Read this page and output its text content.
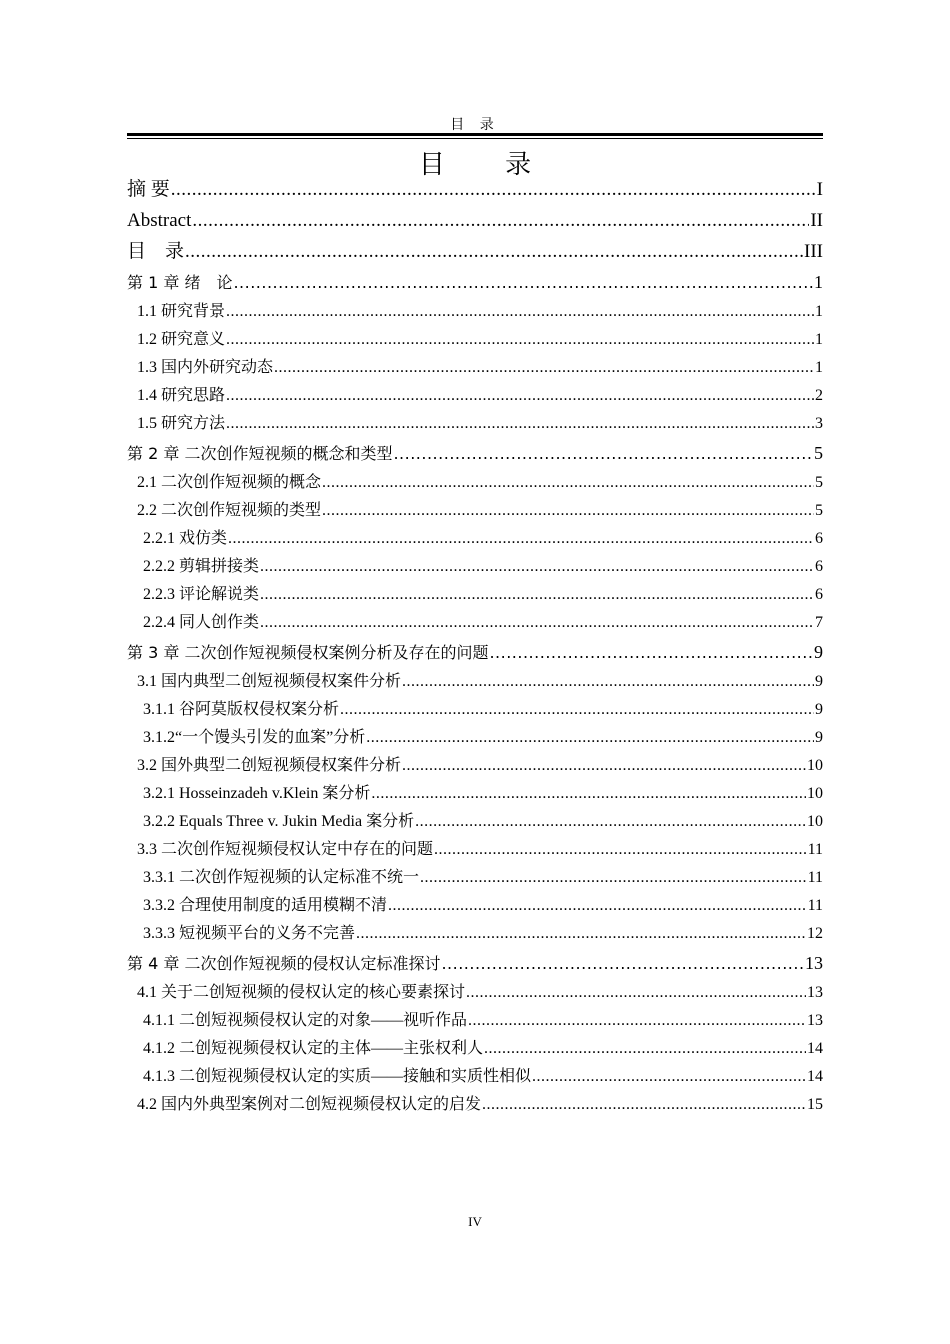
目 录
目 录
摘 要 .....	I
Abstract .....	II
目　录 .....	III
第 1 章 绪　论 .....	1
1.1 研究背景 .....	1
1.2 研究意义 .....	1
1.3 国内外研究动态 .....	1
1.4 研究思路 .....	2
1.5 研究方法 .....	3
第 2 章 二次创作短视频的概念和类型 .....	5
2.1 二次创作短视频的概念 .....	5
2.2 二次创作短视频的类型 .....	5
2.2.1 戏仿类 .....	6
2.2.2 剪辑拼接类 .....	6
2.2.3 评论解说类 .....	6
2.2.4 同人创作类 .....	7
第 3 章 二次创作短视频侵权案例分析及存在的问题 .....	9
3.1 国内典型二创短视频侵权案件分析 .....	9
3.1.1 谷阿莫版权侵权案分析 .....	9
3.1.2“一个馒头引发的血案”分析 .....	9
3.2 国外典型二创短视频侵权案件分析 .....	10
3.2.1 Hosseinzadeh v.Klein 案分析 .....	10
3.2.2 Equals Three v. Jukin Media 案分析 .....	10
3.3 二次创作短视频侵权认定中存在的问题 .....	11
3.3.1 二次创作短视频的认定标准不统一 .....	11
3.3.2 合理使用制度的适用模糊不清 .....	11
3.3.3 短视频平台的义务不完善 .....	12
第 4 章 二次创作短视频的侵权认定标准探讨 .....	13
4.1 关于二创短视频的侵权认定的核心要素探讨 .....	13
4.1.1 二创短视频侵权认定的对象——视听作品 .....	13
4.1.2 二创短视频侵权认定的主体——主张权利人 .....	14
4.1.3 二创短视频侵权认定的实质——接触和实质性相似 .....	14
4.2 国内外典型案例对二创短视频侵权认定的启发 .....	15
IV
